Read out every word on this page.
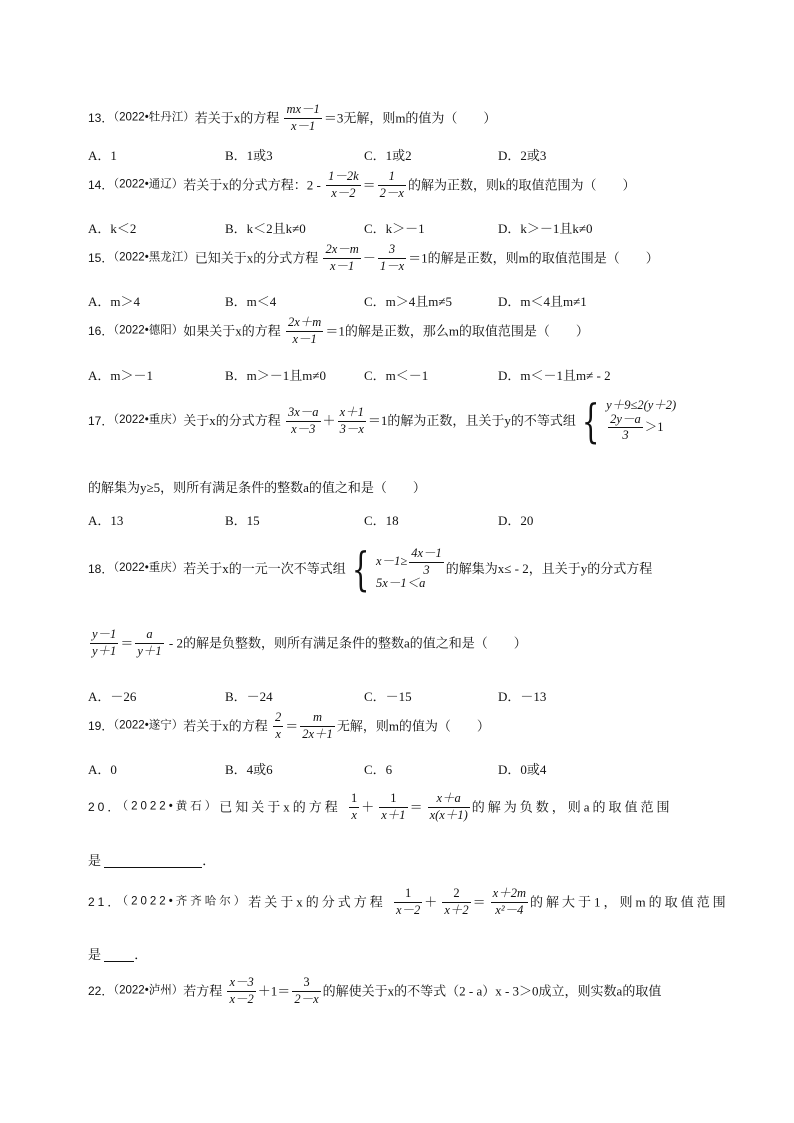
13．（2022•牡丹江）若关于x的方程 $\frac{mx-1}{x-1} =3$无解，则m的值为（　　）
A．1	B．1或3	C．1或2	D．2或3
14．（2022•通辽）若关于x的分式方程：$2 - \frac{1-2k}{x-2} = \frac{1}{2-x}$ 的解为正数，则k的取值范围为（　　）
A．k＜2	B．k＜2且k≠0	C．k＞－1	D．k＞－1且k≠0
15．（2022•黑龙江）已知关于x的分式方程 $\frac{2x-m}{x-1} - \frac{3}{1-x} =1$的解是正数，则m的取值范围是（　　）
A．m＞4	B．m＜4	C．m＞4且m≠5	D．m＜4且m≠1
16．（2022•德阳）如果关于x的方程 $\frac{2x+m}{x-1} =1$的解是正数，那么m的取值范围是（　　）
A．m＞－1	B．m＞－1且m≠0	C．m＜－1	D．m＜－1且m≠ - 2
17．（2022•重庆）关于x的分式方程 $\frac{3x-a}{x-3} + \frac{x+1}{3-x} =1$的解为正数，且关于y的不等式组 { y＋9≤2(y＋2)
$\frac{2y-a}{3} >1$
的解集为y≥5，则所有满足条件的整数a的值之和是（　　）
A．13	B．15	C．18	D．20
18．（2022•重庆）若关于x的一元一次不等式组 { $x-1\ge \frac{4x-1}{3}$
5x－1＜a
的解集为x≤ - 2，且关于y的分式方程
$\frac{y-1}{y+1} = \frac{a}{y+1} - 2$的解是负整数，则所有满足条件的整数a的值之和是（　　）
A．－26	B．－24	C．－15	D．－13
19．（2022•遂宁）若关于x的方程 $\frac{2}{x} = \frac{m}{2x+1}$ 无解，则m的值为（　　）
A．0	B．4或6	C．6	D．0或4
20．（2022•黄石）已知关于x的方程 $\frac{1}{x} + \frac{1}{x+1} = \frac{x+a}{x(x+1)}$ 的解为负数，则a的取值范围
是	．
21．（2022•齐齐哈尔）若关于x的分式方程 $\frac{1}{x-2} + \frac{2}{x+2} = \frac{x+2m}{\text{x²－4}}$ 的解大于1，则m的取值范围
是	．
22．（2022•泸州）若方程 $\frac{x-3}{x-2} +1= \frac{3}{2-x}$ 的解使关于x的不等式（2 - a）x - 3＞0成立，则实数a的取值
